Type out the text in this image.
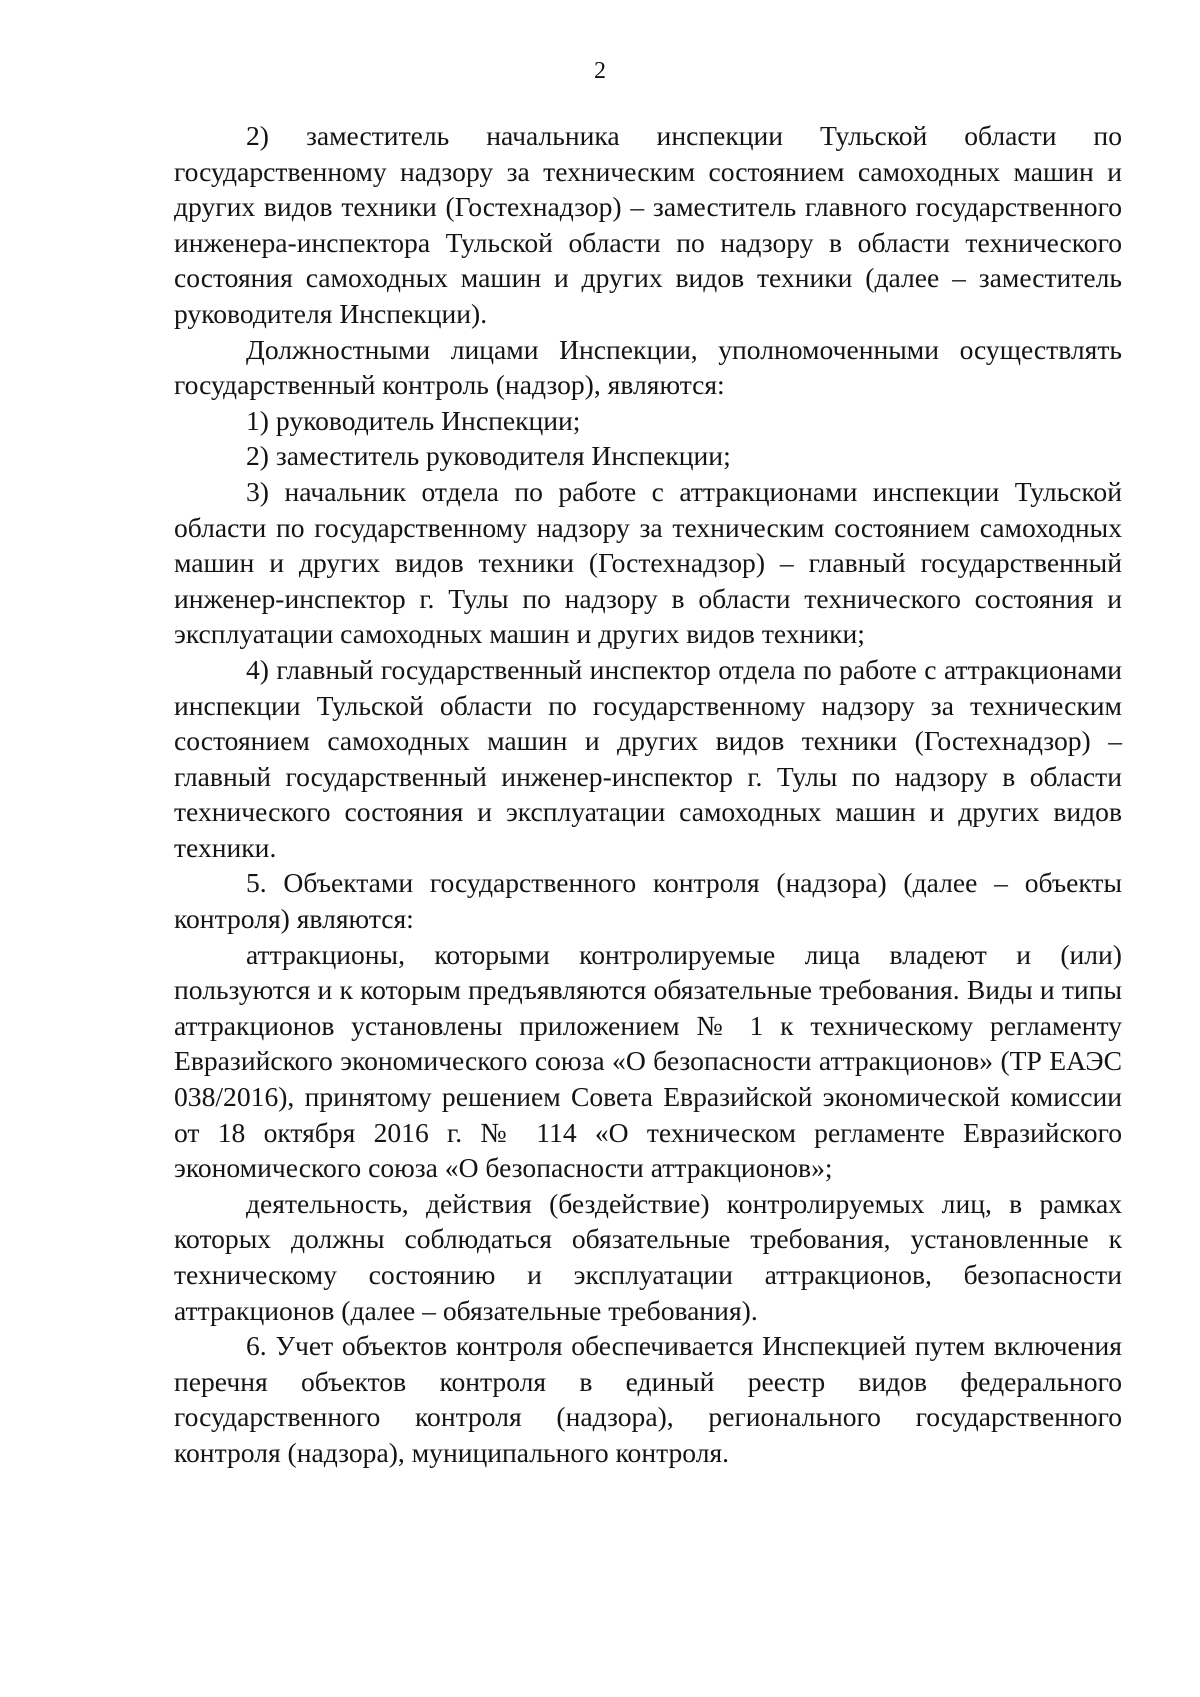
2

2) заместитель начальника инспекции Тульской области по государственному надзору за техническим состоянием самоходных машин и других видов техники (Гостехнадзор) – заместитель главного государственного инженера-инспектора Тульской области по надзору в области технического состояния самоходных машин и других видов техники (далее – заместитель руководителя Инспекции).

Должностными лицами Инспекции, уполномоченными осуществлять государственный контроль (надзор), являются:

1) руководитель Инспекции;

2) заместитель руководителя Инспекции;

3) начальник отдела по работе с аттракционами инспекции Тульской области по государственному надзору за техническим состоянием самоходных машин и других видов техники (Гостехнадзор) – главный государственный инженер-инспектор г. Тулы по надзору в области технического состояния и эксплуатации самоходных машин и других видов техники;

4) главный государственный инспектор отдела по работе с аттракционами инспекции Тульской области по государственному надзору за техническим состоянием самоходных машин и других видов техники (Гостехнадзор) – главный государственный инженер-инспектор г. Тулы по надзору в области технического состояния и эксплуатации самоходных машин и других видов техники.

5. Объектами государственного контроля (надзора) (далее – объекты контроля) являются:

аттракционы, которыми контролируемые лица владеют и (или) пользуются и к которым предъявляются обязательные требования. Виды и типы аттракционов установлены приложением № 1 к техническому регламенту Евразийского экономического союза «О безопасности аттракционов» (ТР ЕАЭС 038/2016), принятому решением Совета Евразийской экономической комиссии от 18 октября 2016 г. № 114 «О техническом регламенте Евразийского экономического союза «О безопасности аттракционов»;

деятельность, действия (бездействие) контролируемых лиц, в рамках которых должны соблюдаться обязательные требования, установленные к техническому состоянию и эксплуатации аттракционов, безопасности аттракционов (далее – обязательные требования).

6. Учет объектов контроля обеспечивается Инспекцией путем включения перечня объектов контроля в единый реестр видов федерального государственного контроля (надзора), регионального государственного контроля (надзора), муниципального контроля.
